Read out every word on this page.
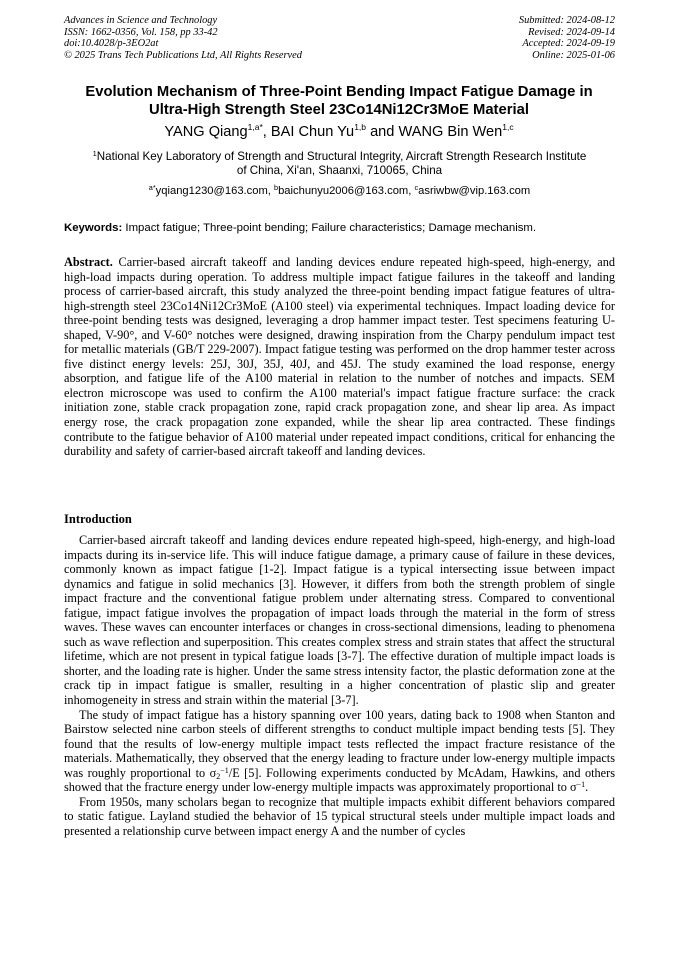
Advances in Science and Technology
ISSN: 1662-0356, Vol. 158, pp 33-42
doi:10.4028/p-3EO2at
© 2025 Trans Tech Publications Ltd, All Rights Reserved
Submitted: 2024-08-12
Revised: 2024-09-14
Accepted: 2024-09-19
Online: 2025-01-06
Evolution Mechanism of Three-Point Bending Impact Fatigue Damage in
Ultra-High Strength Steel 23Co14Ni12Cr3MoE Material
YANG Qiang$^{1,a*}$, BAI Chun Yu$^{1,b}$ and WANG Bin Wen$^{1,c}$
$^1$National Key Laboratory of Strength and Structural Integrity, Aircraft Strength Research Institute
of China, Xi'an, Shaanxi, 710065, China
$^{a*}$yqiang1230@163.com, $^b$baichunyu2006@163.com, $^c$asriwbw@vip.163.com
Keywords: Impact fatigue; Three-point bending; Failure characteristics; Damage mechanism.
Abstract. Carrier-based aircraft takeoff and landing devices endure repeated high-speed, high-energy, and high-load impacts during operation. To address multiple impact fatigue failures in the takeoff and landing process of carrier-based aircraft, this study analyzed the three-point bending impact fatigue features of ultra-high-strength steel 23Co14Ni12Cr3MoE (A100 steel) via experimental techniques. Impact loading device for three-point bending tests was designed, leveraging a drop hammer impact tester. Test specimens featuring U-shaped, V-90°, and V-60° notches were designed, drawing inspiration from the Charpy pendulum impact test for metallic materials (GB/T 229-2007). Impact fatigue testing was performed on the drop hammer tester across five distinct energy levels: 25J, 30J, 35J, 40J, and 45J. The study examined the load response, energy absorption, and fatigue life of the A100 material in relation to the number of notches and impacts. SEM electron microscope was used to confirm the A100 material's impact fatigue fracture surface: the crack initiation zone, stable crack propagation zone, rapid crack propagation zone, and shear lip area. As impact energy rose, the crack propagation zone expanded, while the shear lip area contracted. These findings contribute to the fatigue behavior of A100 material under repeated impact conditions, critical for enhancing the durability and safety of carrier-based aircraft takeoff and landing devices.
Introduction

Carrier-based aircraft takeoff and landing devices endure repeated high-speed, high-energy, and high-load impacts during its in-service life. This will induce fatigue damage, a primary cause of failure in these devices, commonly known as impact fatigue [1-2]. Impact fatigue is a typical intersecting issue between impact dynamics and fatigue in solid mechanics [3]. However, it differs from both the strength problem of single impact fracture and the conventional fatigue problem under alternating stress. Compared to conventional fatigue, impact fatigue involves the propagation of impact loads through the material in the form of stress waves. These waves can encounter interfaces or changes in cross-sectional dimensions, leading to phenomena such as wave reflection and superposition. This creates complex stress and strain states that affect the structural lifetime, which are not present in typical fatigue loads [3-7]. The effective duration of multiple impact loads is shorter, and the loading rate is higher. Under the same stress intensity factor, the plastic deformation zone at the crack tip in impact fatigue is smaller, resulting in a higher concentration of plastic slip and greater inhomogeneity in stress and strain within the material [3-7].

The study of impact fatigue has a history spanning over 100 years, dating back to 1908 when Stanton and Bairstow selected nine carbon steels of different strengths to conduct multiple impact bending tests [5]. They found that the results of low-energy multiple impact tests reflected the impact fracture resistance of the materials. Mathematically, they observed that the energy leading to fracture under low-energy multiple impacts was roughly proportional to $\sigma_2^{-1}/E$ [5]. Following experiments conducted by McAdam, Hawkins, and others showed that the fracture energy under low-energy multiple impacts was approximately proportional to $\sigma^{-1}$.

From 1950s, many scholars began to recognize that multiple impacts exhibit different behaviors compared to static fatigue. Layland studied the behavior of 15 typical structural steels under multiple impact loads and presented a relationship curve between impact energy A and the number of cycles
